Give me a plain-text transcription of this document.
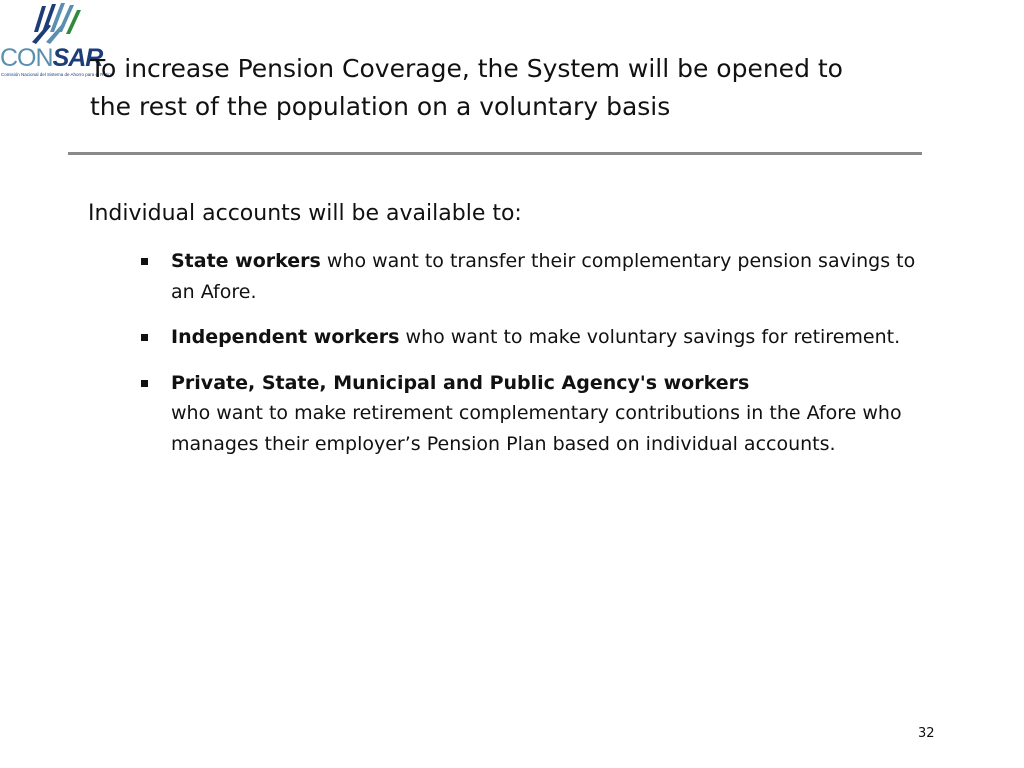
CONSAR
Comisión Nacional del Sistema de Ahorro para el Retiro
To increase Pension Coverage, the System will be opened to
the rest of the population on a voluntary basis

Individual accounts will be available to:

State workers who want to transfer their complementary pension savings to an Afore.
Independent workers who want to make voluntary savings for retirement.
Private, State, Municipal and Public Agency's workers
who want to make retirement complementary contributions in the Afore who manages their employer’s Pension Plan based on individual accounts.
32
